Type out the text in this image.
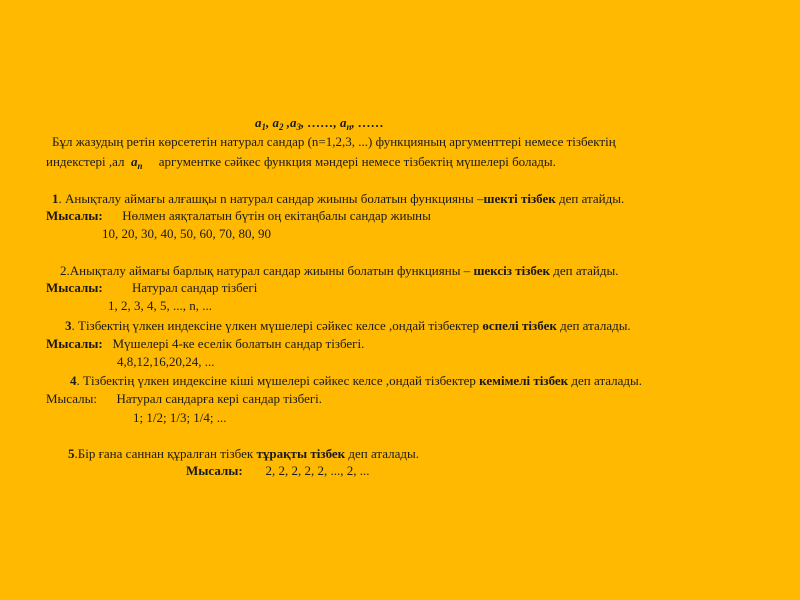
$a_1$, $a_2$ $,a_3$, ……, $a_n$, ……
Бұл жазудың ретін көрсететін натурал сандар (n=1,2,3, ...) функцияның аргументтері немесе тізбектің
индекстері ,ал $a_n$ аргументке сәйкес функция мәндері немесе тізбектің мүшелері болады.
1. Анықталу аймағы алғашқы n натурал сандар жиыны болатын функцияны –шекті тізбек деп атайды.
Мысалы: Нөлмен аяқталатын бүтін оң екітаңбалы сандар жиыны
10, 20, 30, 40, 50, 60, 70, 80, 90
2.Анықталу аймағы барлық натурал сандар жиыны болатын функцияны – шексіз тізбек деп атайды.
Мысалы: Натурал сандар тізбегі
1, 2, 3, 4, 5, ..., n, ...
3. Тізбектің үлкен индексіне үлкен мүшелері сәйкес келсе ,ондай тізбектер өспелі тізбек деп аталады.
Мысалы: Мүшелері 4-ке еселік болатын сандар тізбегі.
4,8,12,16,20,24, ...
4. Тізбектің үлкен индексіне кіші мүшелері сәйкес келсе ,ондай тізбектер кемімелі тізбек деп аталады.
Мысалы: Натурал сандарға кері сандар тізбегі.
1; 1/2; 1/3; 1/4; ...
5.Бір ғана саннан құралған тізбек тұрақты тізбек деп аталады.
Мысалы: 2, 2, 2, 2, 2, ..., 2, ...
